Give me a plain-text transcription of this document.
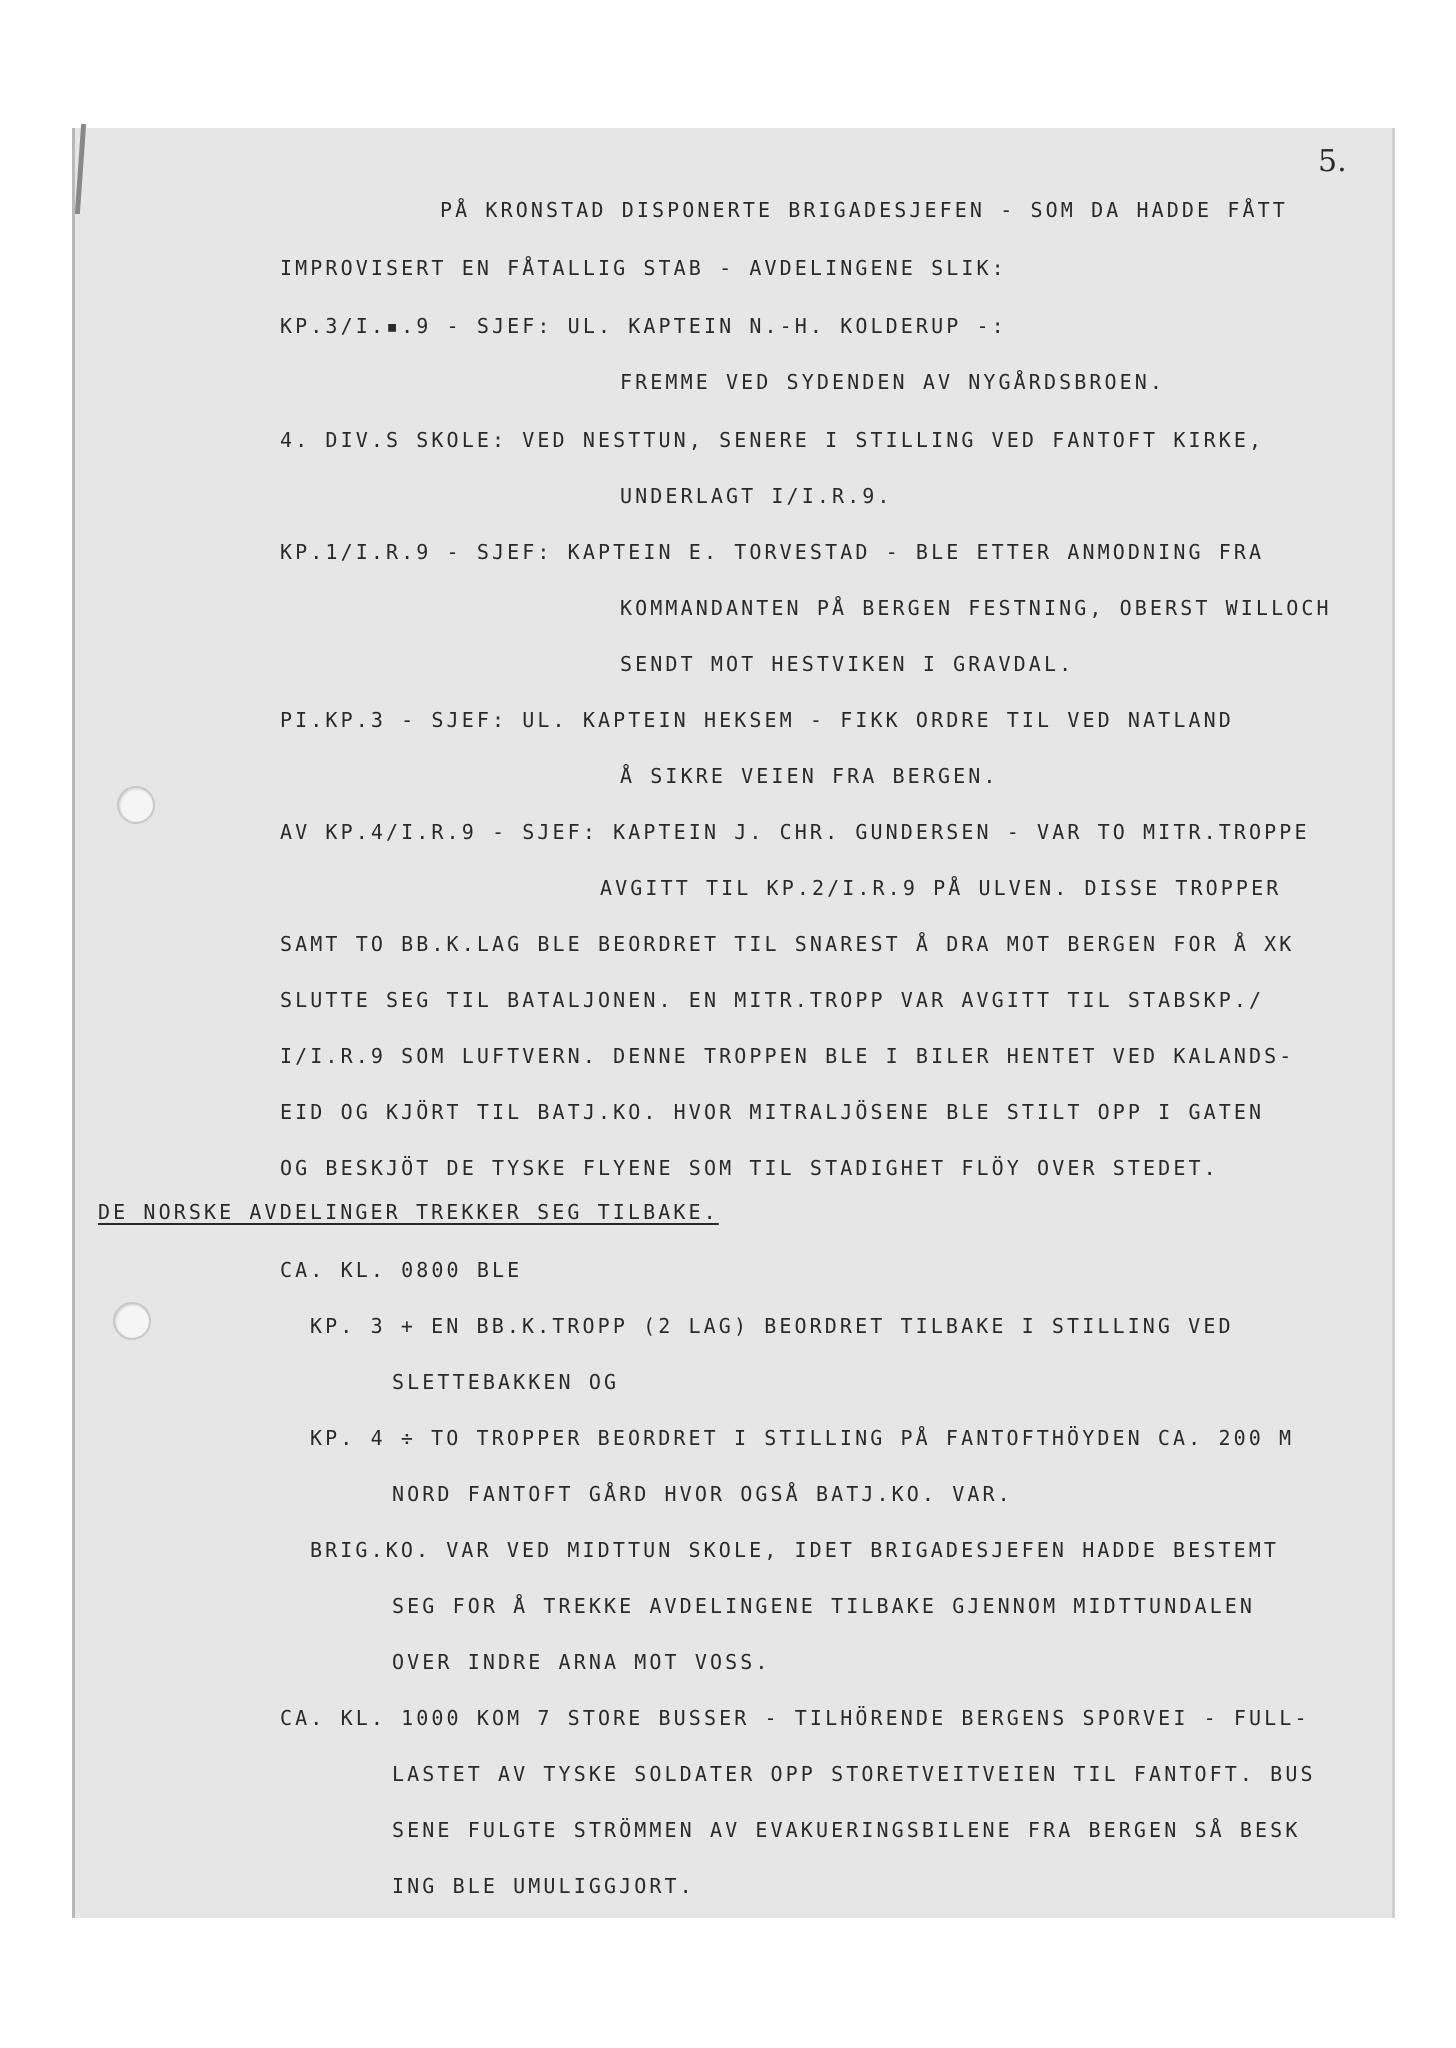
5.
PÅ KRONSTAD DISPONERTE BRIGADESJEFEN - SOM DA HADDE FÅTT
IMPROVISERT EN FÅTALLIG STAB - AVDELINGENE SLIK:
KP.3/I.▪.9 - SJEF: UL. KAPTEIN N.-H. KOLDERUP -:
FREMME VED SYDENDEN AV NYGÅRDSBROEN.
4. DIV.S SKOLE: VED NESTTUN, SENERE I STILLING VED FANTOFT KIRKE,
UNDERLAGT I/I.R.9.
KP.1/I.R.9 - SJEF: KAPTEIN E. TORVESTAD - BLE ETTER ANMODNING FRA
KOMMANDANTEN PÅ BERGEN FESTNING, OBERST WILLOCH
SENDT MOT HESTVIKEN I GRAVDAL.
PI.KP.3 - SJEF: UL. KAPTEIN HEKSEM - FIKK ORDRE TIL VED NATLAND
Å SIKRE VEIEN FRA BERGEN.
AV KP.4/I.R.9 - SJEF: KAPTEIN J. CHR. GUNDERSEN - VAR TO MITR.TROPPE
AVGITT TIL KP.2/I.R.9 PÅ ULVEN. DISSE TROPPER
SAMT TO BB.K.LAG BLE BEORDRET TIL SNAREST Å DRA MOT BERGEN FOR Å XK
SLUTTE SEG TIL BATALJONEN. EN MITR.TROPP VAR AVGITT TIL STABSKP./
I/I.R.9 SOM LUFTVERN. DENNE TROPPEN BLE I BILER HENTET VED KALANDS-
EID OG KJÖRT TIL BATJ.KO. HVOR MITRALJÖSENE BLE STILT OPP I GATEN
OG BESKJÖT DE TYSKE FLYENE SOM TIL STADIGHET FLÖY OVER STEDET.
DE NORSKE AVDELINGER TREKKER SEG TILBAKE.
CA. KL. 0800 BLE
KP. 3 + EN BB.K.TROPP (2 LAG) BEORDRET TILBAKE I STILLING VED
SLETTEBAKKEN OG
KP. 4 ÷ TO TROPPER BEORDRET I STILLING PÅ FANTOFTHÖYDEN CA. 200 M
NORD FANTOFT GÅRD HVOR OGSÅ BATJ.KO. VAR.
BRIG.KO. VAR VED MIDTTUN SKOLE, IDET BRIGADESJEFEN HADDE BESTEMT
SEG FOR Å TREKKE AVDELINGENE TILBAKE GJENNOM MIDTTUNDALEN
OVER INDRE ARNA MOT VOSS.
CA. KL. 1000 KOM 7 STORE BUSSER - TILHÖRENDE BERGENS SPORVEI - FULL-
LASTET AV TYSKE SOLDATER OPP STORETVEITVEIEN TIL FANTOFT. BUS
SENE FULGTE STRÖMMEN AV EVAKUERINGSBILENE FRA BERGEN SÅ BESK
ING BLE UMULIGGJORT.
